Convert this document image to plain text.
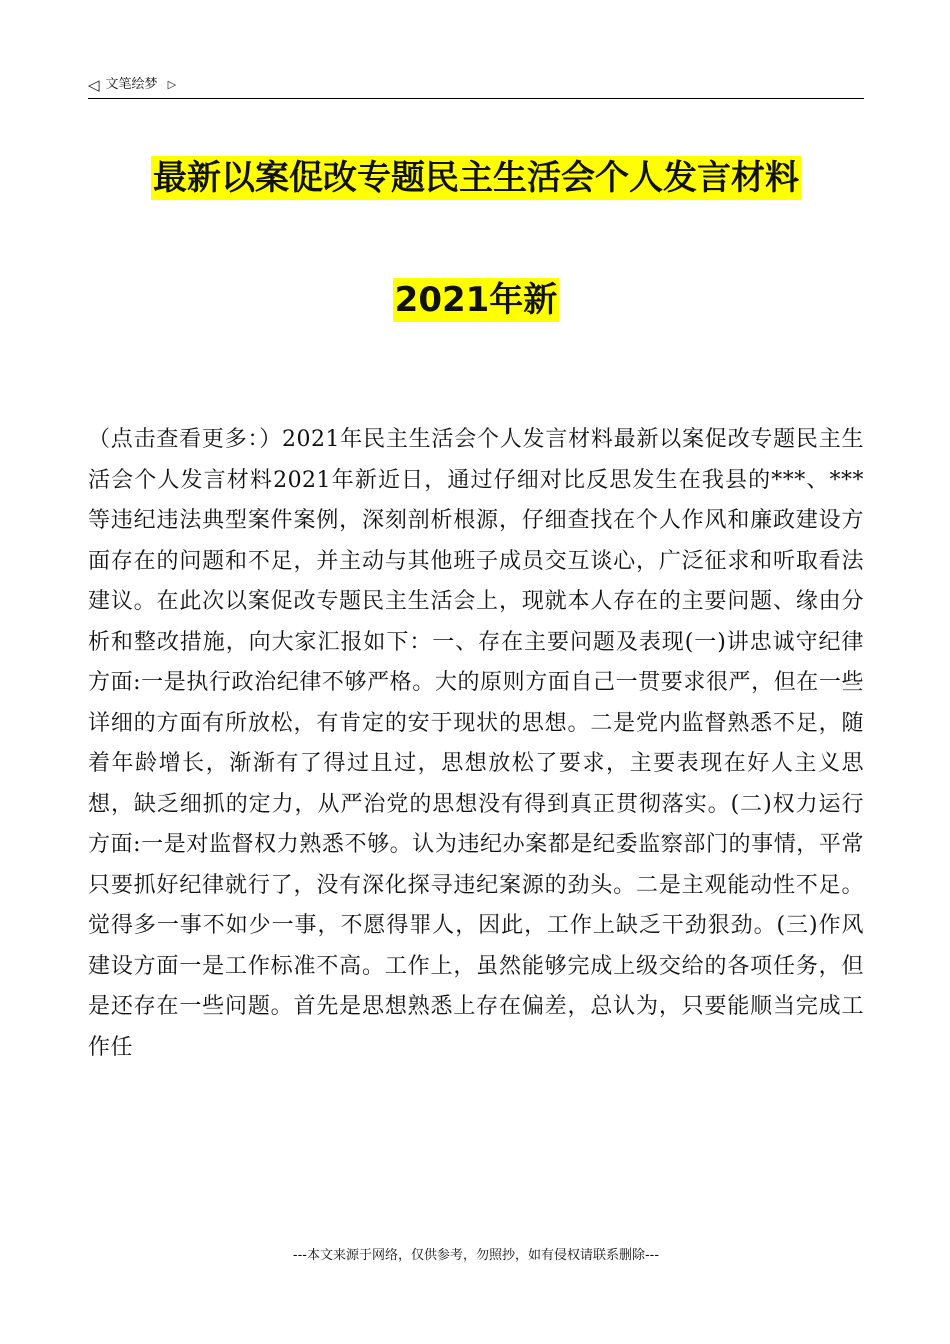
◁ 文笔绘梦 ▷
最新以案促改专题民主生活会个人发言材料
2021年新
（点击查看更多：）2021年民主生活会个人发言材料最新以案促改专题民主生活会个人发言材料2021年新近日，通过仔细对比反思发生在我县的***、***等违纪违法典型案件案例，深刻剖析根源，仔细查找在个人作风和廉政建设方面存在的问题和不足，并主动与其他班子成员交互谈心，广泛征求和听取看法建议。在此次以案促改专题民主生活会上，现就本人存在的主要问题、缘由分析和整改措施，向大家汇报如下：一、存在主要问题及表现(一)讲忠诚守纪律方面:一是执行政治纪律不够严格。大的原则方面自己一贯要求很严，但在一些详细的方面有所放松，有肯定的安于现状的思想。二是党内监督熟悉不足，随着年龄增长，渐渐有了得过且过，思想放松了要求，主要表现在好人主义思想，缺乏细抓的定力，从严治党的思想没有得到真正贯彻落实。(二)权力运行方面:一是对监督权力熟悉不够。认为违纪办案都是纪委监察部门的事情，平常只要抓好纪律就行了，没有深化探寻违纪案源的劲头。二是主观能动性不足。觉得多一事不如少一事，不愿得罪人，因此，工作上缺乏干劲狠劲。(三)作风建设方面一是工作标准不高。工作上，虽然能够完成上级交给的各项任务，但是还存在一些问题。首先是思想熟悉上存在偏差，总认为，只要能顺当完成工作任
---本文来源于网络，仅供参考，勿照抄，如有侵权请联系删除---
